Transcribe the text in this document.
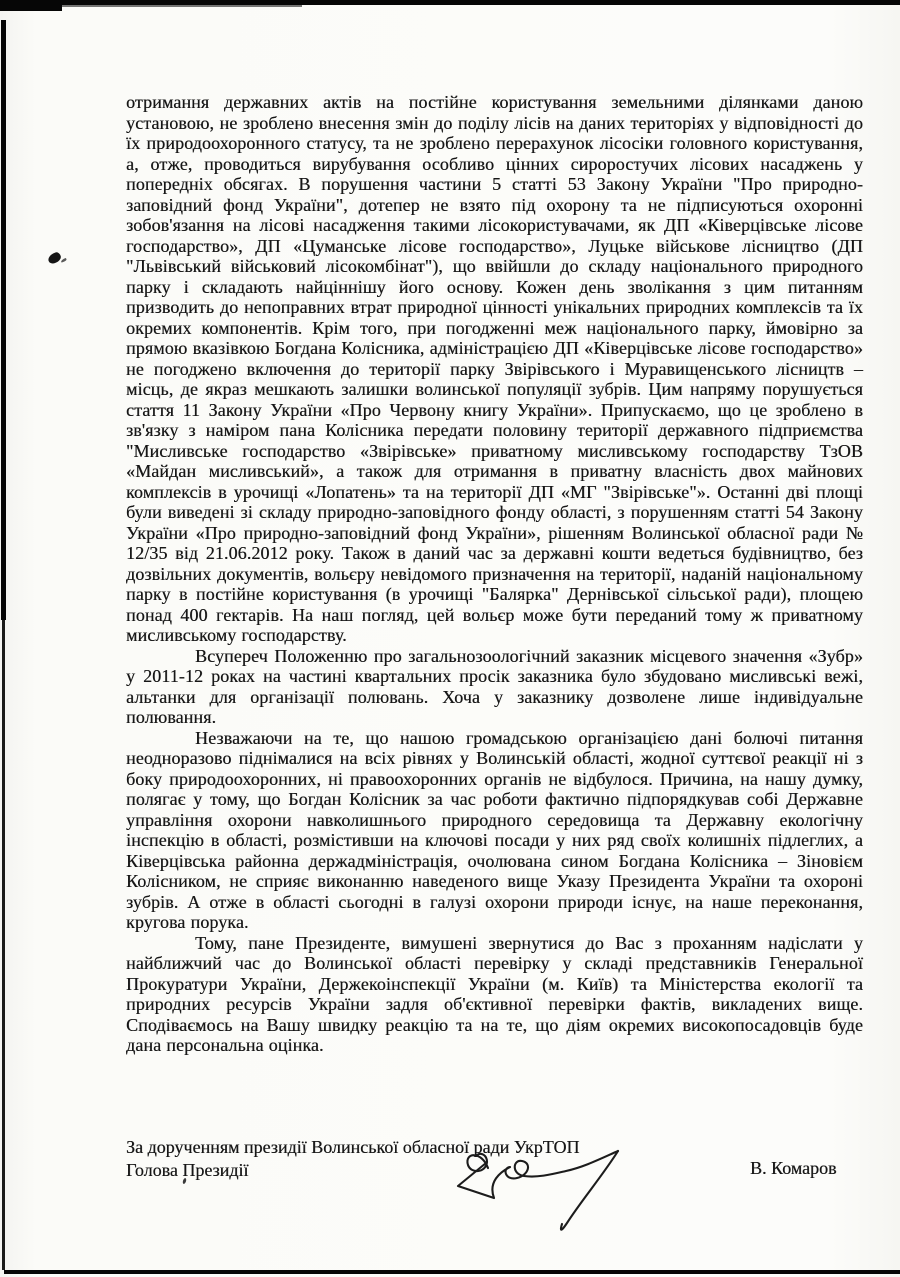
отримання державних актів на постійне користування земельними ділянками даною установою, не зроблено внесення змін до поділу лісів на даних територіях у відповідності до їх природоохоронного статусу, та не зроблено перерахунок лісосіки головного користування, а, отже, проводиться вирубування особливо цінних сироростучих лісових насаджень у попередніх обсягах. В порушення частини 5 статті 53 Закону України "Про природно-заповідний фонд України", дотепер не взято під охорону та не підписуються охоронні зобов'язання на лісові насадження такими лісокористувачами, як ДП «Ківерцівське лісове господарство», ДП «Цуманське лісове господарство», Луцьке військове лісництво (ДП "Львівський військовий лісокомбінат"), що ввійшли до складу національного природного парку і складають найціннішу його основу. Кожен день зволікання з цим питанням призводить до непоправних втрат природної цінності унікальних природних комплексів та їх окремих компонентів. Крім того, при погодженні меж національного парку, ймовірно за прямою вказівкою Богдана Колісника, адміністрацією ДП «Ківерцівське лісове господарство» не погоджено включення до території парку Звірівського і Муравищенського лісництв – місць, де якраз мешкають залишки волинської популяції зубрів. Цим напряму порушується стаття 11 Закону України «Про Червону книгу України». Припускаємо, що це зроблено в зв'язку з наміром пана Колісника передати половину території державного підприємства "Мисливське господарство «Звірівське» приватному мисливському господарству ТзОВ «Майдан мисливський», а також для отримання в приватну власність двох майнових комплексів в урочищі «Лопатень» та на території ДП «МГ "Звірівське"». Останні дві площі були виведені зі складу природно-заповідного фонду області, з порушенням статті 54 Закону України «Про природно-заповідний фонд України», рішенням Волинської обласної ради № 12/35 від 21.06.2012 року. Також в даний час за державні кошти ведеться будівництво, без дозвільних документів, вольєру невідомого призначення на території, наданій національному парку в постійне користування (в урочищі "Балярка" Дернівської сільської ради), площею понад 400 гектарів. На наш погляд, цей вольєр може бути переданий тому ж приватному мисливському господарству.

Всупереч Положенню про загальнозоологічний заказник місцевого значення «Зубр» у 2011-12 роках на частині квартальних просік заказника було збудовано мисливські вежі, альтанки для організації полювань. Хоча у заказнику дозволене лише індивідуальне полювання.

Незважаючи на те, що нашою громадською організацією дані болючі питання неодноразово піднімалися на всіх рівнях у Волинській області, жодної суттєвої реакції ні з боку природоохоронних, ні правоохоронних органів не відбулося. Причина, на нашу думку, полягає у тому, що Богдан Колісник за час роботи фактично підпорядкував собі Державне управління охорони навколишнього природного середовища та Державну екологічну інспекцію в області, розмістивши на ключові посади у них ряд своїх колишніх підлеглих, а Ківерцівська районна держадміністрація, очолювана сином Богдана Колісника – Зіновієм Колісником, не сприяє виконанню наведеного вище Указу Президента України та охороні зубрів. А отже в області сьогодні в галузі охорони природи існує, на наше переконання, кругова порука.

Тому, пане Президенте, вимушені звернутися до Вас з проханням надіслати у найближчий час до Волинської області перевірку у складі представників Генеральної Прокуратури України, Держекоінспекції України (м. Київ) та Міністерства екології та природних ресурсів України задля об'єктивної перевірки фактів, викладених вище. Сподіваємось на Вашу швидку реакцію та на те, що діям окремих високопосадовців буде дана персональна оцінка.

За дорученням президії Волинської обласної ради УкрТОП
Голова Президії	В. Комаров
